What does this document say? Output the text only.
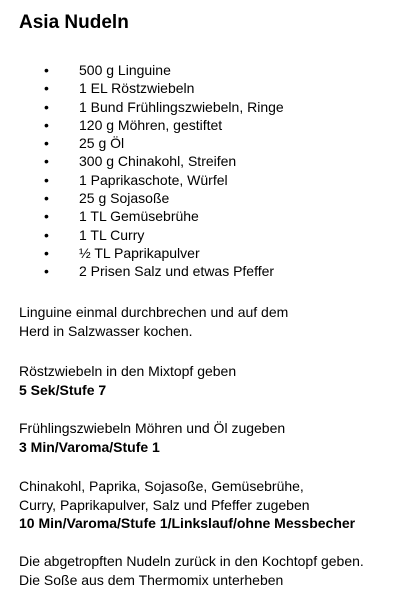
Asia Nudeln
• 500 g Linguine
• 1 EL Röstzwiebeln
• 1 Bund Frühlingszwiebeln, Ringe
• 120 g Möhren, gestiftet
• 25 g Öl
• 300 g Chinakohl, Streifen
• 1 Paprikaschote, Würfel
• 25 g Sojasoße
• 1 TL Gemüsebrühe
• 1 TL Curry
• ½ TL Paprikapulver
• 2 Prisen Salz und etwas Pfeffer
Linguine einmal durchbrechen und auf dem
Herd in Salzwasser kochen.
Röstzwiebeln in den Mixtopf geben
5 Sek/Stufe 7
Frühlingszwiebeln Möhren und Öl zugeben
3 Min/Varoma/Stufe 1
Chinakohl, Paprika, Sojasoße, Gemüsebrühe,
Curry, Paprikapulver, Salz und Pfeffer zugeben
10 Min/Varoma/Stufe 1/Linkslauf/ohne Messbecher
Die abgetropften Nudeln zurück in den Kochtopf geben.
Die Soße aus dem Thermomix unterheben
